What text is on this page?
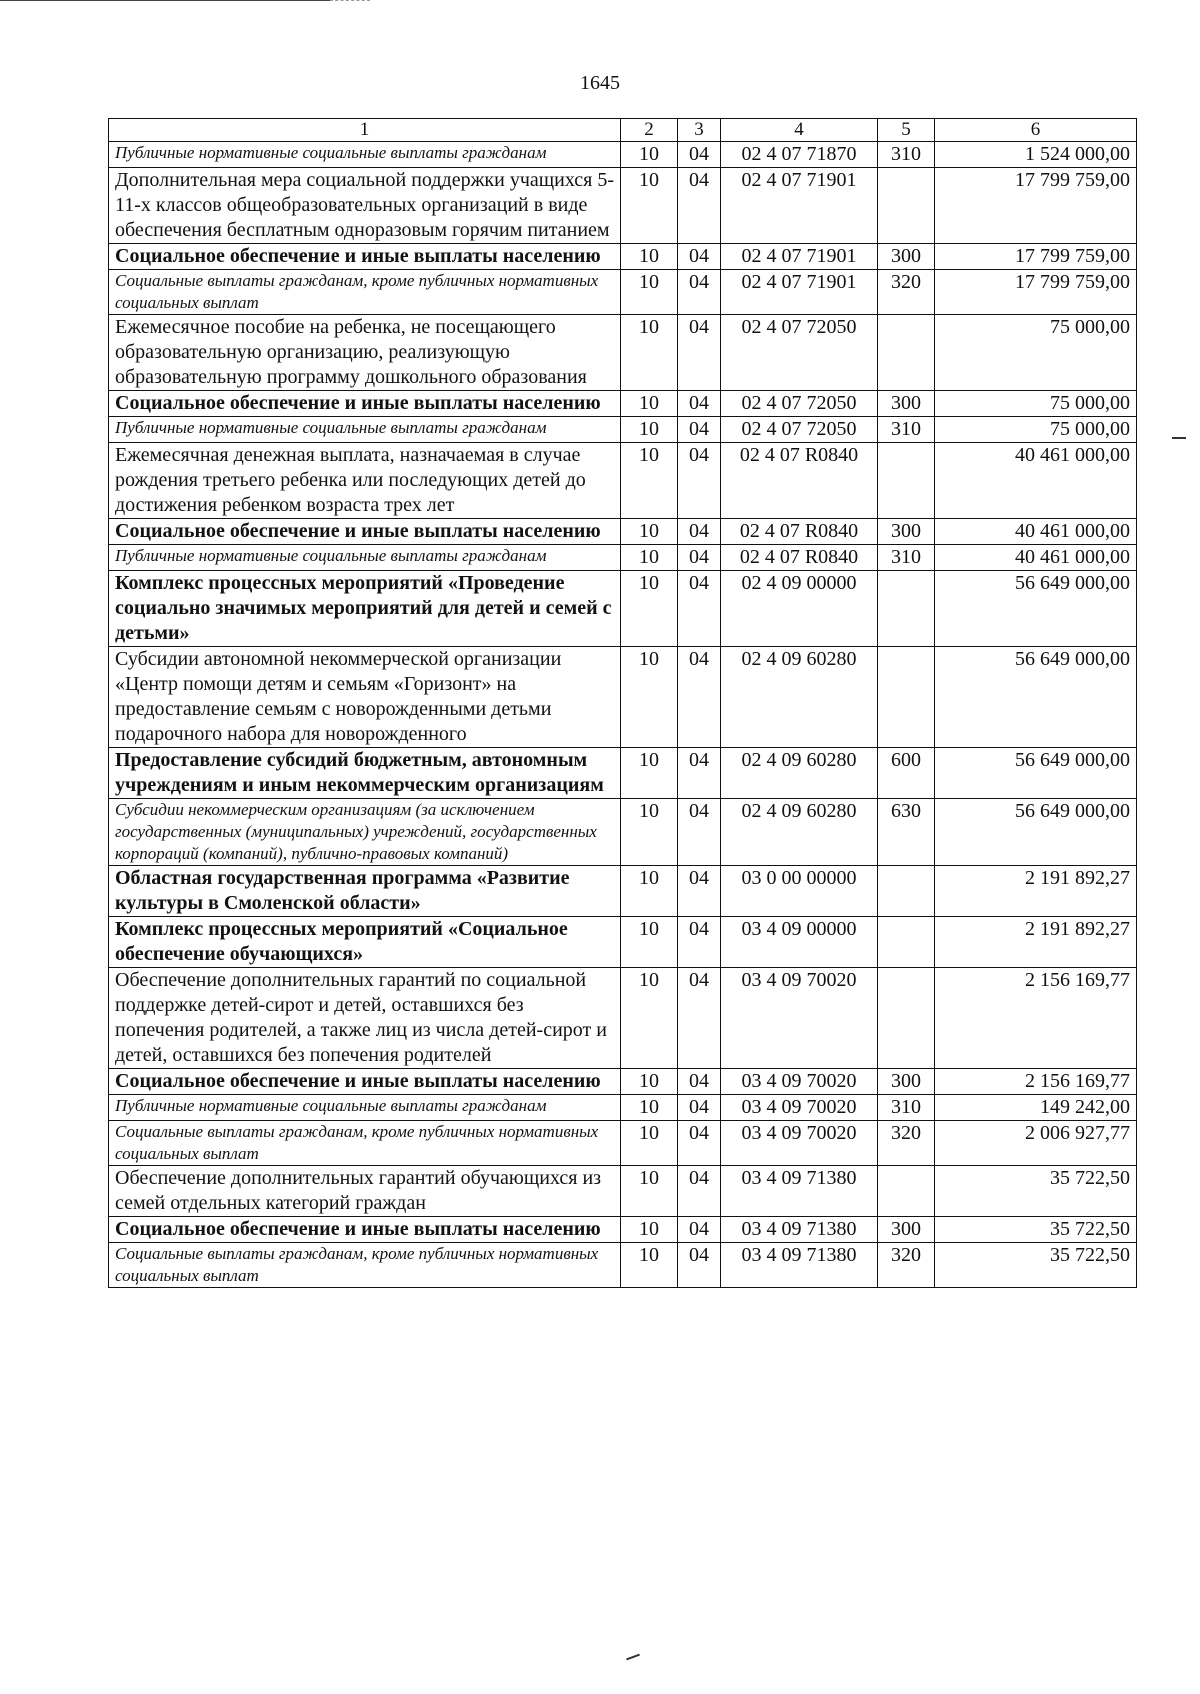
1645
1	2	3	4	5	6
Публичные нормативные социальные выплаты гражданам	10	04	02 4 07 71870	310	1 524 000,00
Дополнительная мера социальной поддержки учащихся 5-11-х классов общеобразовательных организаций в виде обеспечения бесплатным одноразовым горячим питанием	10	04	02 4 07 71901		17 799 759,00
Социальное обеспечение и иные выплаты населению	10	04	02 4 07 71901	300	17 799 759,00
Социальные выплаты гражданам, кроме публичных нормативных социальных выплат	10	04	02 4 07 71901	320	17 799 759,00
Ежемесячное пособие на ребенка, не посещающего образовательную организацию, реализующую образовательную программу дошкольного образования	10	04	02 4 07 72050		75 000,00
Социальное обеспечение и иные выплаты населению	10	04	02 4 07 72050	300	75 000,00
Публичные нормативные социальные выплаты гражданам	10	04	02 4 07 72050	310	75 000,00
Ежемесячная денежная выплата, назначаемая в случае рождения третьего ребенка или последующих детей до достижения ребенком возраста трех лет	10	04	02 4 07 R0840		40 461 000,00
Социальное обеспечение и иные выплаты населению	10	04	02 4 07 R0840	300	40 461 000,00
Публичные нормативные социальные выплаты гражданам	10	04	02 4 07 R0840	310	40 461 000,00
Комплекс процессных мероприятий «Проведение социально значимых мероприятий для детей и семей с детьми»	10	04	02 4 09 00000		56 649 000,00
Субсидии автономной некоммерческой организации «Центр помощи детям и семьям «Горизонт» на предоставление семьям с новорожденными детьми подарочного набора для новорожденного	10	04	02 4 09 60280		56 649 000,00
Предоставление субсидий бюджетным, автономным учреждениям и иным некоммерческим организациям	10	04	02 4 09 60280	600	56 649 000,00
Субсидии некоммерческим организациям (за исключением государственных (муниципальных) учреждений, государственных корпораций (компаний), публично-правовых компаний)	10	04	02 4 09 60280	630	56 649 000,00
Областная государственная программа «Развитие культуры в Смоленской области»	10	04	03 0 00 00000		2 191 892,27
Комплекс процессных мероприятий «Социальное обеспечение обучающихся»	10	04	03 4 09 00000		2 191 892,27
Обеспечение дополнительных гарантий по социальной поддержке детей-сирот и детей, оставшихся без попечения родителей, а также лиц из числа детей-сирот и детей, оставшихся без попечения родителей	10	04	03 4 09 70020		2 156 169,77
Социальное обеспечение и иные выплаты населению	10	04	03 4 09 70020	300	2 156 169,77
Публичные нормативные социальные выплаты гражданам	10	04	03 4 09 70020	310	149 242,00
Социальные выплаты гражданам, кроме публичных нормативных социальных выплат	10	04	03 4 09 70020	320	2 006 927,77
Обеспечение дополнительных гарантий обучающихся из семей отдельных категорий граждан	10	04	03 4 09 71380		35 722,50
Социальное обеспечение и иные выплаты населению	10	04	03 4 09 71380	300	35 722,50
Социальные выплаты гражданам, кроме публичных нормативных социальных выплат	10	04	03 4 09 71380	320	35 722,50
